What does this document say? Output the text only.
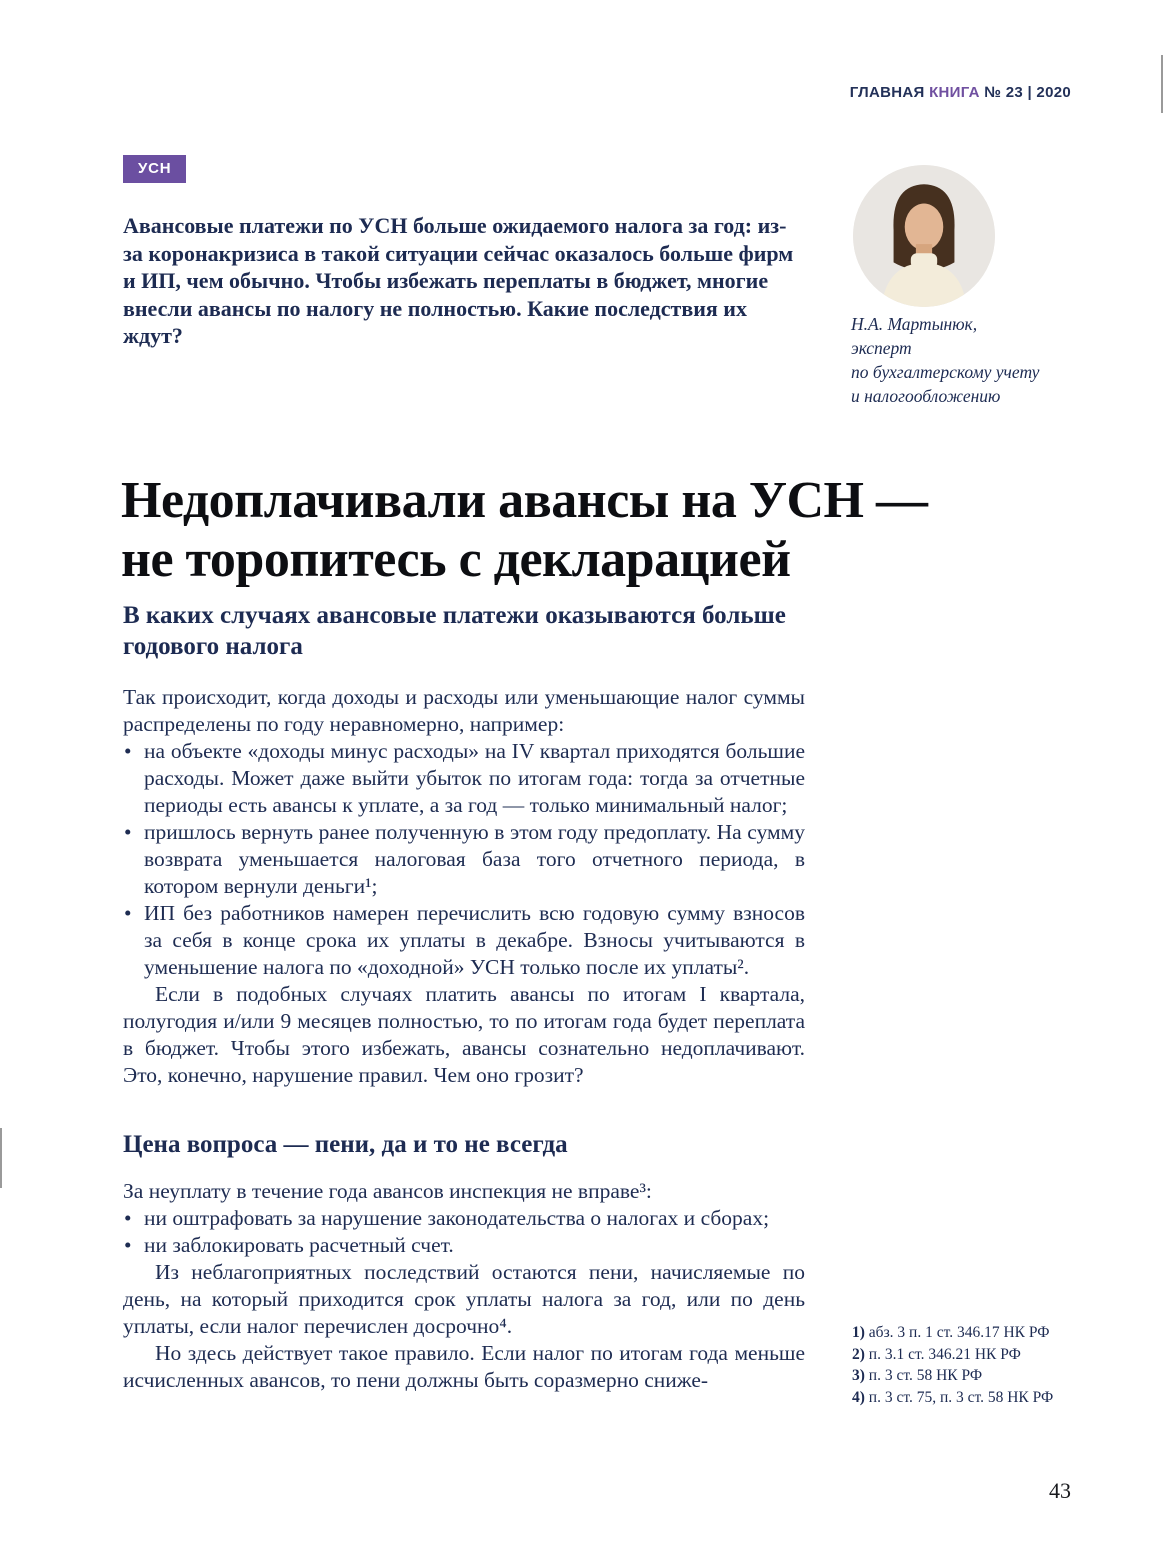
ГЛАВНАЯ КНИГА № 23 | 2020
УСН

Авансовые платежи по УСН больше ожидаемого налога за год: из-за коронакризиса в такой ситуации сейчас оказалось больше фирм и ИП, чем обычно. Чтобы избежать переплаты в бюджет, многие внесли авансы по налогу не полностью. Какие последствия их ждут?	Н.А. Мартынюк,
эксперт
по бухгалтерскому учету
и налогообложению
Недоплачивали авансы на УСН —
не торопитесь с декларацией
В каких случаях авансовые платежи оказываются больше годового налога

Так происходит, когда доходы и расходы или уменьшающие налог суммы распределены по году неравномерно, например:

• на объекте «доходы минус расходы» на IV квартал приходятся большие расходы. Может даже выйти убыток по итогам года: тогда за отчетные периоды есть авансы к уплате, а за год — только минимальный налог;
• пришлось вернуть ранее полученную в этом году предоплату. На сумму возврата уменьшается налоговая база того отчетного периода, в котором вернули деньги¹;
• ИП без работников намерен перечислить всю годовую сумму взносов за себя в конце срока их уплаты в декабре. Взносы учитываются в уменьшение налога по «доходной» УСН только после их уплаты².

Если в подобных случаях платить авансы по итогам I квартала, полугодия и/или 9 месяцев полностью, то по итогам года будет переплата в бюджет. Чтобы этого избежать, авансы сознательно недоплачивают. Это, конечно, нарушение правил. Чем оно грозит?

Цена вопроса — пени, да и то не всегда

За неуплату в течение года авансов инспекция не вправе³:

• ни оштрафовать за нарушение законодательства о налогах и сборах;
• ни заблокировать расчетный счет.

Из неблагоприятных последствий остаются пени, начисляемые по день, на который приходится срок уплаты налога за год, или по день уплаты, если налог перечислен досрочно⁴.

Но здесь действует такое правило. Если налог по итогам года меньше исчисленных авансов, то пени должны быть соразмерно сниже-

1) абз. 3 п. 1 ст. 346.17 НК РФ
2) п. 3.1 ст. 346.21 НК РФ
3) п. 3 ст. 58 НК РФ
4) п. 3 ст. 75, п. 3 ст. 58 НК РФ
43
